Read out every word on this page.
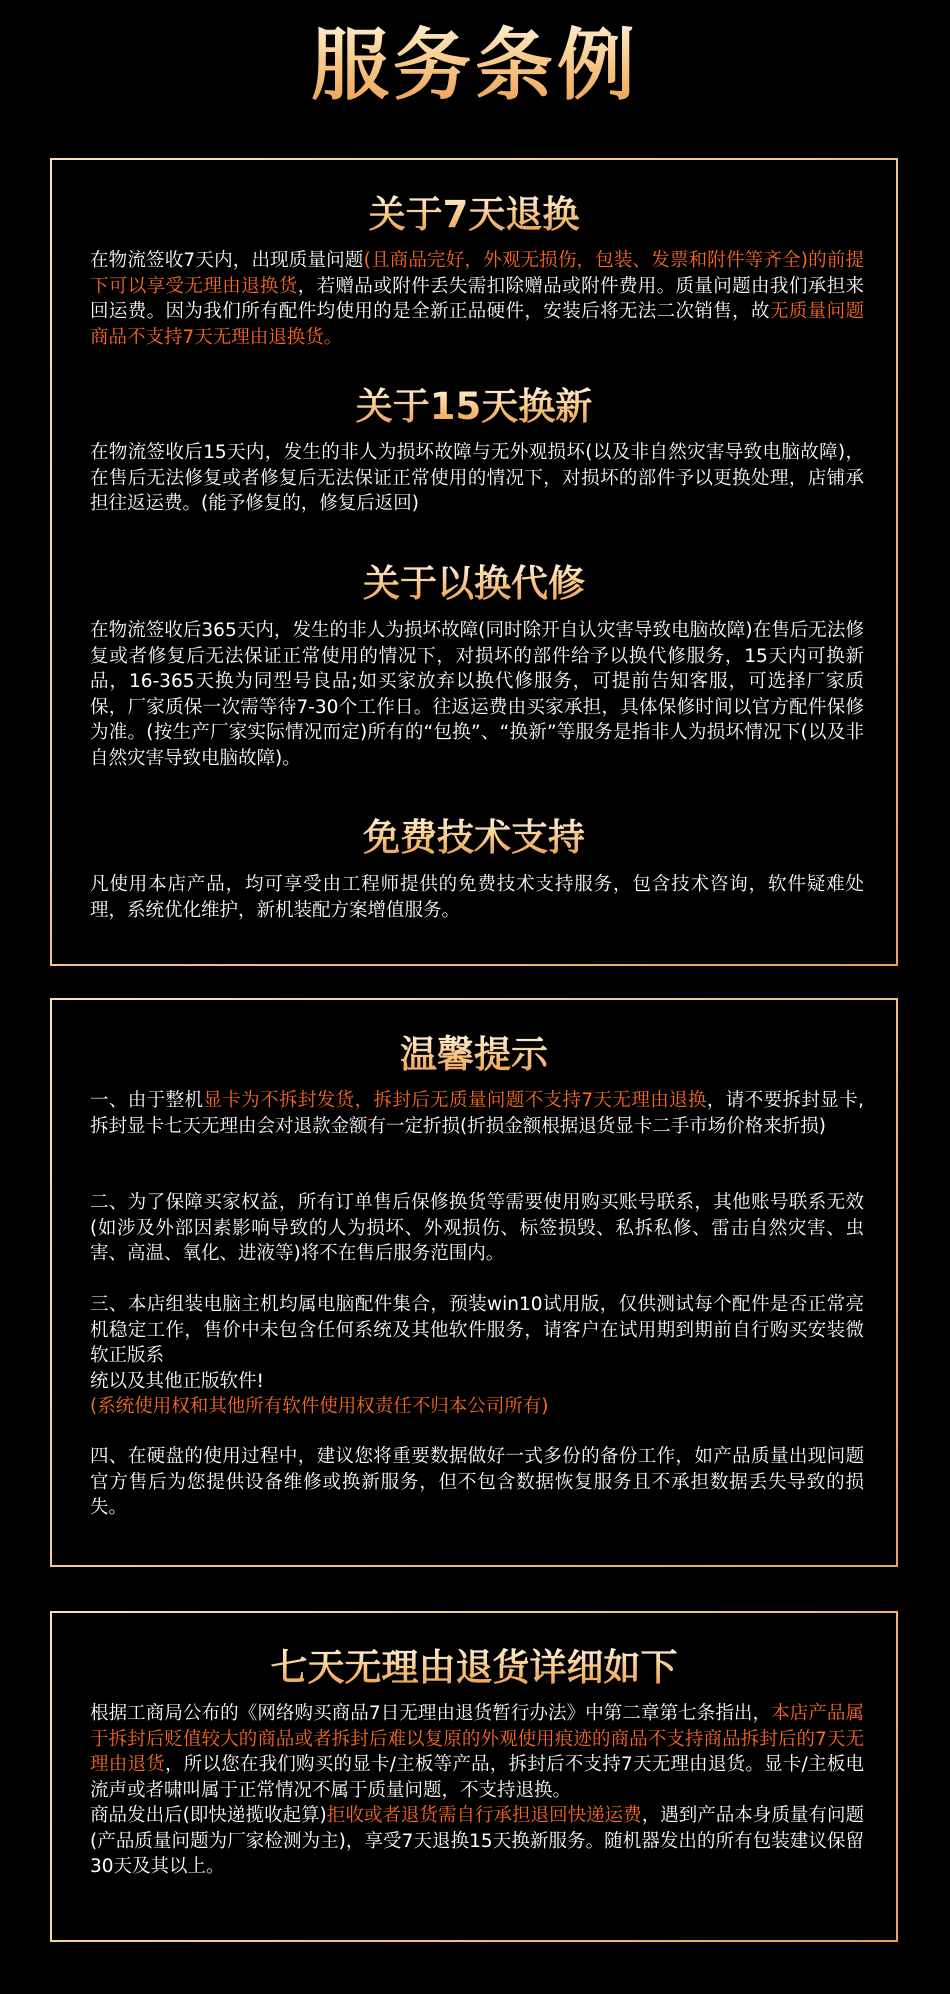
服务条例
关于7天退换

在物流签收7天内，出现质量问题(且商品完好，外观无损伤，包装、发票和附件等齐全)的前提下可以享受无理由退换货，若赠品或附件丢失需扣除赠品或附件费用。质量问题由我们承担来回运费。因为我们所有配件均使用的是全新正品硬件，安装后将无法二次销售，故无质量问题商品不支持7天无理由退换货。

关于15天换新

在物流签收后15天内，发生的非人为损坏故障与无外观损坏(以及非自然灾害导致电脑故障)，在售后无法修复或者修复后无法保证正常使用的情况下，对损坏的部件予以更换处理，店铺承担往返运费。(能予修复的，修复后返回)

关于以换代修

在物流签收后365天内，发生的非人为损坏故障(同时除开自认灾害导致电脑故障)在售后无法修复或者修复后无法保证正常使用的情况下，对损坏的部件给予以换代修服务，15天内可换新品，16-365天换为同型号良品;如买家放弃以换代修服务，可提前告知客服，可选择厂家质保，厂家质保一次需等待7-30个工作日。往返运费由买家承担，具体保修时间以官方配件保修为准。(按生产厂家实际情况而定)所有的“包换”、“换新”等服务是指非人为损坏情况下(以及非自然灾害导致电脑故障)。

免费技术支持

凡使用本店产品，均可享受由工程师提供的免费技术支持服务，包含技术咨询，软件疑难处理，系统优化维护，新机装配方案增值服务。

温馨提示

一、由于整机显卡为不拆封发货，拆封后无质量问题不支持7天无理由退换，请不要拆封显卡,拆封显卡七天无理由会对退款金额有一定折损(折损金额根据退货显卡二手市场价格来折损)

二、为了保障买家权益，所有订单售后保修换货等需要使用购买账号联系，其他账号联系无效(如涉及外部因素影响导致的人为损坏、外观损伤、标签损毁、私拆私修、雷击自然灾害、虫害、高温、氧化、进液等)将不在售后服务范围内。

三、本店组装电脑主机均属电脑配件集合，预装win10试用版，仅供测试每个配件是否正常亮机稳定工作，售价中未包含任何系统及其他软件服务，请客户在试用期到期前自行购买安装微软正版系
统以及其他正版软件!
(系统使用权和其他所有软件使用权责任不归本公司所有)

四、在硬盘的使用过程中，建议您将重要数据做好一式多份的备份工作，如产品质量出现问题官方售后为您提供设备维修或换新服务，但不包含数据恢复服务且不承担数据丢失导致的损失。

七天无理由退货详细如下

根据工商局公布的《网络购买商品7日无理由退货暂行办法》中第二章第七条指出，本店产品属于拆封后贬值较大的商品或者拆封后难以复原的外观使用痕迹的商品不支持商品拆封后的7天无理由退货，所以您在我们购买的显卡/主板等产品，拆封后不支持7天无理由退货。显卡/主板电流声或者啸叫属于正常情况不属于质量问题，不支持退换。
商品发出后(即快递揽收起算)拒收或者退货需自行承担退回快递运费，遇到产品本身质量有问题(产品质量问题为厂家检测为主)，享受7天退换15天换新服务。随机器发出的所有包装建议保留30天及其以上。
